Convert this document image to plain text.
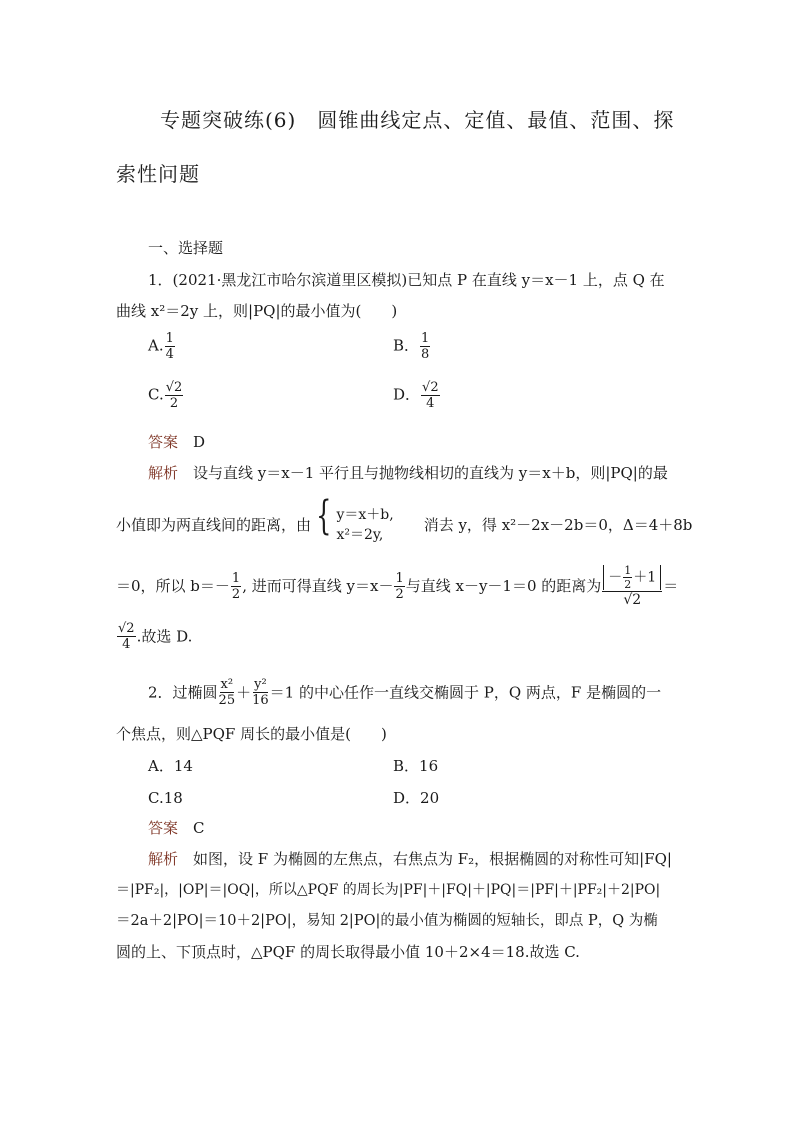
专题突破练(6)　圆锥曲线定点、定值、最值、范围、探
索性问题
一、选择题
1．(2021·黑龙江市哈尔滨道里区模拟)已知点 P 在直线 y＝x－1 上，点 Q 在
曲线 x²＝2y 上，则|PQ|的最小值为(　　)
A. $\frac{1}{4}$	B． $\frac{1}{8}$
C. $\frac{√2}{2}$	D． $\frac{√2}{4}$
答案  D
解析  设与直线 y＝x－1 平行且与抛物线相切的直线为 y＝x＋b，则|PQ|的最
小值即为两直线间的距离，由 { y＝x＋b,
x²＝2y,
  消去 y，得 x²－2x－2b＝0，Δ＝4＋8b
＝0，所以 $b=- \frac{1}{2}$ , 进而可得直线 $y=x- \frac{1}{2}$ 与直线 x－y－1＝0 的距离为 $\frac{- \frac{1}{2} +1}{√2}$ ＝
$\frac{√2}{4}$ .故选 D.
2．过椭圆 $\frac{\text{x²}}{25} + \frac{\text{y²}}{16} =1$ 的中心任作一直线交椭圆于 P，Q 两点，F 是椭圆的一
个焦点，则△PQF 周长的最小值是(　　)
A．14	B．16
C.18	D．20
答案  C
解析  如图，设 F 为椭圆的左焦点，右焦点为 F₂，根据椭圆的对称性可知|FQ|
＝|PF₂|，|OP|＝|OQ|，所以△PQF 的周长为|PF|＋|FQ|＋|PQ|＝|PF|＋|PF₂|＋2|PO|
＝2a＋2|PO|＝10＋2|PO|，易知 2|PO|的最小值为椭圆的短轴长，即点 P，Q 为椭
圆的上、下顶点时，△PQF 的周长取得最小值 10＋2×4＝18.故选 C.
